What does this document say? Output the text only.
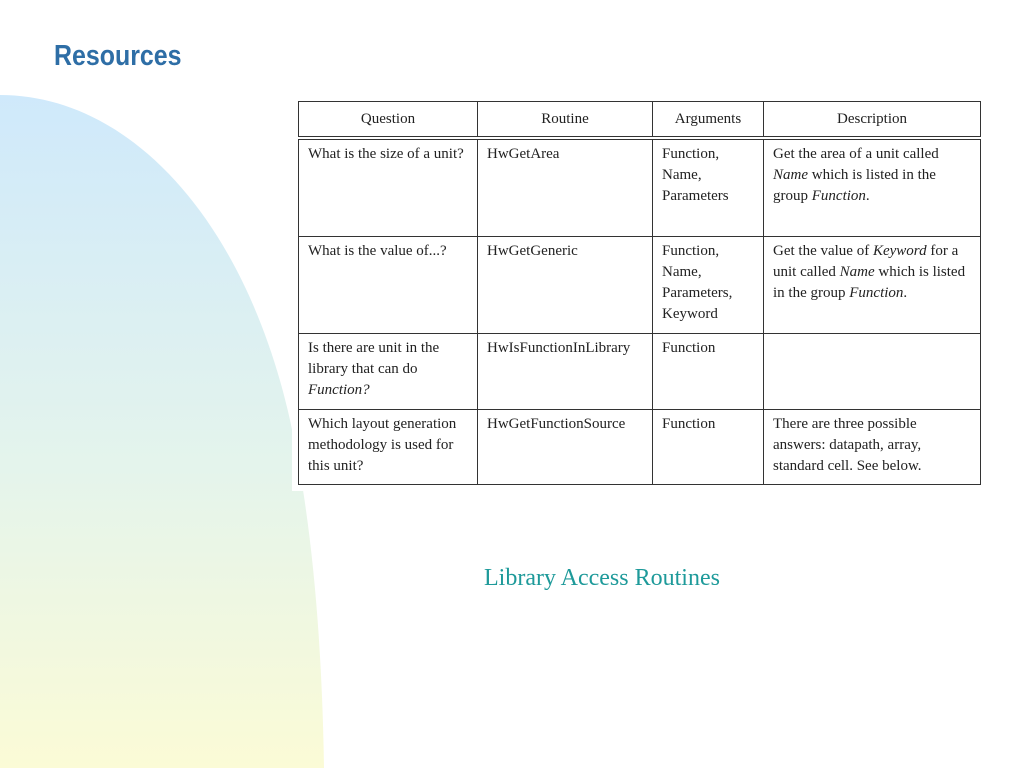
Resources
Question	Routine	Arguments	Description
What is the size of a unit?	HwGetArea	Function, Name, Parameters	Get the area of a unit called Name which is listed in the group Function.
What is the value of...?	HwGetGeneric	Function, Name, Parameters, Keyword	Get the value of Keyword for a unit called Name which is listed in the group Function.
Is there are unit in the library that can do Function?	HwIsFunctionInLibrary	Function	
Which layout generation methodology is used for this unit?	HwGetFunctionSource	Function	There are three possible answers: datapath, array, standard cell. See below.
Library Access Routines
